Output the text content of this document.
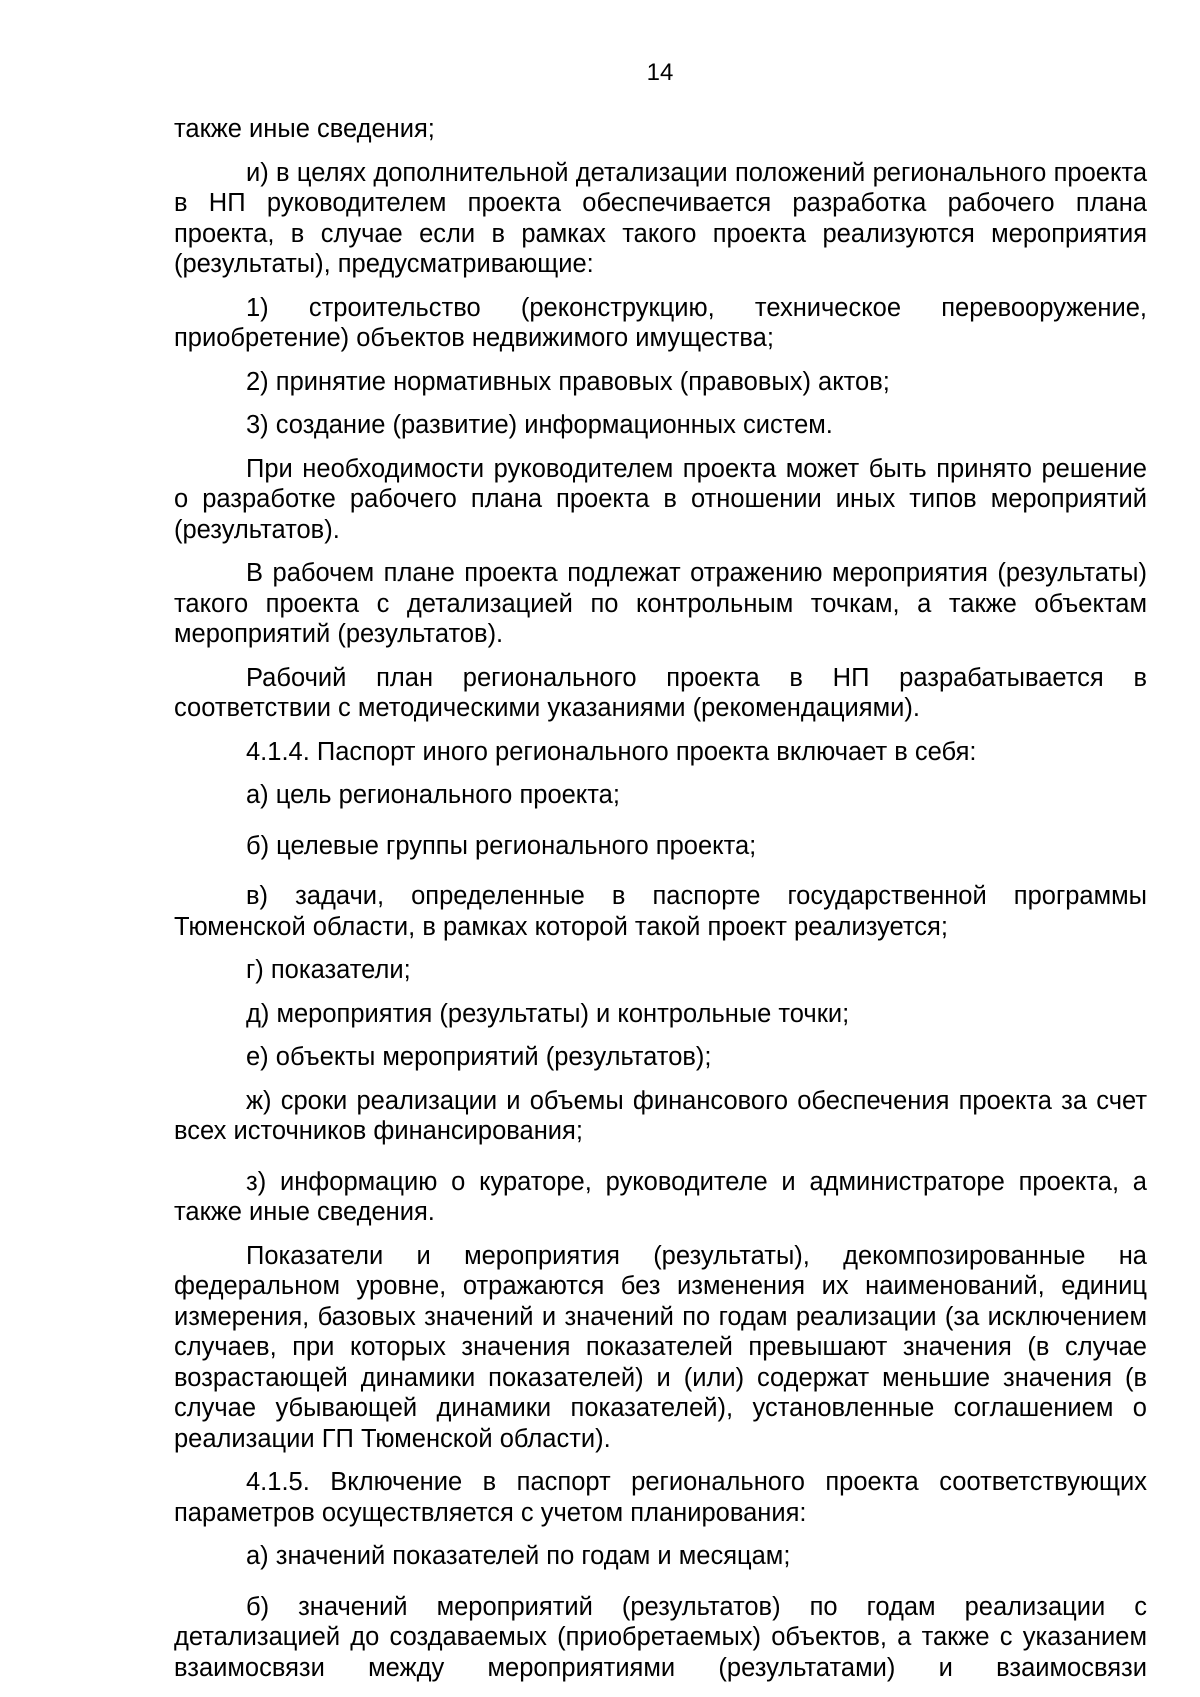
14

также иные сведения;

и) в целях дополнительной детализации положений регионального проекта в НП руководителем проекта обеспечивается разработка рабочего плана проекта, в случае если в рамках такого проекта реализуются мероприятия (результаты), предусматривающие:

1) строительство (реконструкцию, техническое перевооружение, приобретение) объектов недвижимого имущества;

2) принятие нормативных правовых (правовых) актов;

3) создание (развитие) информационных систем.

При необходимости руководителем проекта может быть принято решение о разработке рабочего плана проекта в отношении иных типов мероприятий (результатов).

В рабочем плане проекта подлежат отражению мероприятия (результаты) такого проекта с детализацией по контрольным точкам, а также объектам мероприятий (результатов).

Рабочий план регионального проекта в НП разрабатывается в соответствии с методическими указаниями (рекомендациями).

4.1.4. Паспорт иного регионального проекта включает в себя:

а) цель регионального проекта;

б) целевые группы регионального проекта;

в) задачи, определенные в паспорте государственной программы Тюменской области, в рамках которой такой проект реализуется;

г) показатели;

д) мероприятия (результаты) и контрольные точки;

е) объекты мероприятий (результатов);

ж) сроки реализации и объемы финансового обеспечения проекта за счет всех источников финансирования;

з) информацию о кураторе, руководителе и администраторе проекта, а также иные сведения.

Показатели и мероприятия (результаты), декомпозированные на федеральном уровне, отражаются без изменения их наименований, единиц измерения, базовых значений и значений по годам реализации (за исключением случаев, при которых значения показателей превышают значения (в случае возрастающей динамики показателей) и (или) содержат меньшие значения (в случае убывающей динамики показателей), установленные соглашением о реализации ГП Тюменской области).

4.1.5. Включение в паспорт регионального проекта соответствующих параметров осуществляется с учетом планирования:

а) значений показателей по годам и месяцам;

б) значений мероприятий (результатов) по годам реализации с детализацией до создаваемых (приобретаемых) объектов, а также с указанием взаимосвязи между мероприятиями (результатами) и взаимосвязи
